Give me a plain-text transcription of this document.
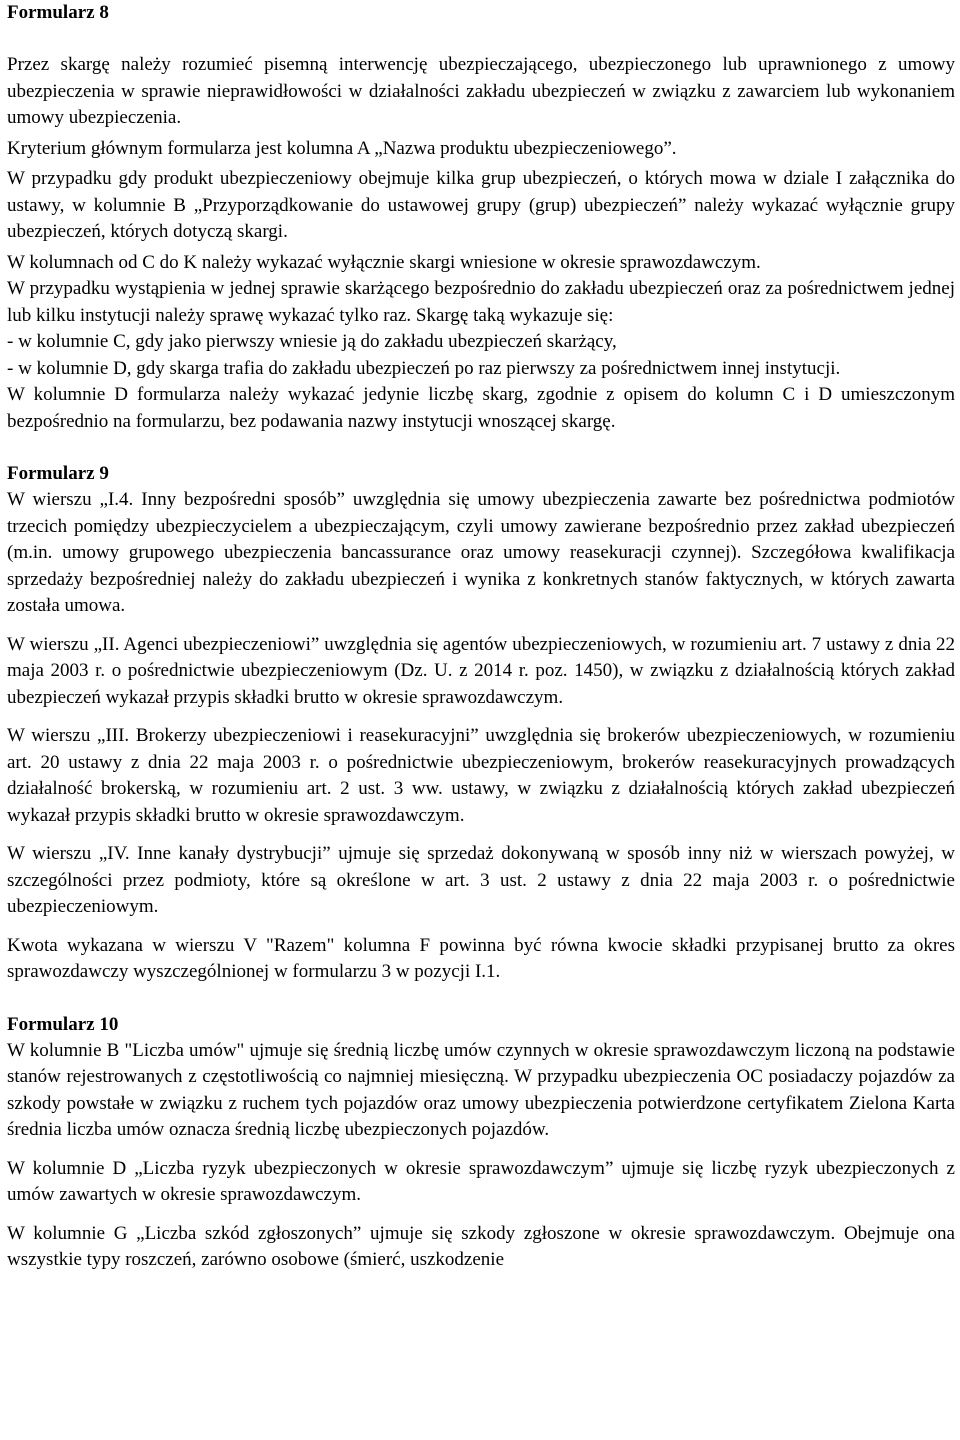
Formularz 8

Przez skargę należy rozumieć pisemną interwencję ubezpieczającego, ubezpieczonego lub uprawnionego z umowy ubezpieczenia w sprawie nieprawidłowości w działalności zakładu ubezpieczeń w związku z zawarciem lub wykonaniem umowy ubezpieczenia.

Kryterium głównym formularza jest kolumna A „Nazwa produktu ubezpieczeniowego”.

W przypadku gdy produkt ubezpieczeniowy obejmuje kilka grup ubezpieczeń, o których mowa w dziale I załącznika do ustawy, w kolumnie B „Przyporządkowanie do ustawowej grupy (grup) ubezpieczeń” należy wykazać wyłącznie grupy ubezpieczeń, których dotyczą skargi.

W kolumnach od C do K należy wykazać wyłącznie skargi wniesione w okresie sprawozdawczym.

W przypadku wystąpienia w jednej sprawie skarżącego bezpośrednio do zakładu ubezpieczeń oraz za pośrednictwem jednej lub kilku instytucji należy sprawę wykazać tylko raz. Skargę taką wykazuje się:

- w kolumnie C, gdy jako pierwszy wniesie ją do zakładu ubezpieczeń skarżący,

- w kolumnie D, gdy skarga trafia do zakładu ubezpieczeń po raz pierwszy za pośrednictwem innej instytucji.

W kolumnie D formularza należy wykazać jedynie liczbę skarg, zgodnie z opisem do kolumn C i D umieszczonym bezpośrednio na formularzu, bez podawania nazwy instytucji wnoszącej skargę.

Formularz 9

W wierszu „I.4. Inny bezpośredni sposób” uwzględnia się umowy ubezpieczenia zawarte bez pośrednictwa podmiotów trzecich pomiędzy ubezpieczycielem a ubezpieczającym, czyli umowy zawierane bezpośrednio przez zakład ubezpieczeń (m.in. umowy grupowego ubezpieczenia bancassurance oraz umowy reasekuracji czynnej). Szczegółowa kwalifikacja sprzedaży bezpośredniej należy do zakładu ubezpieczeń i wynika z konkretnych stanów faktycznych, w których zawarta została umowa.

W wierszu „II. Agenci ubezpieczeniowi” uwzględnia się agentów ubezpieczeniowych, w rozumieniu art. 7 ustawy z dnia 22 maja 2003 r. o pośrednictwie ubezpieczeniowym (Dz. U. z 2014 r. poz. 1450), w związku z działalnością których zakład ubezpieczeń wykazał przypis składki brutto w okresie sprawozdawczym.

W wierszu „III. Brokerzy ubezpieczeniowi i reasekuracyjni” uwzględnia się brokerów ubezpieczeniowych, w rozumieniu art. 20 ustawy z dnia 22 maja 2003 r. o pośrednictwie ubezpieczeniowym, brokerów reasekuracyjnych prowadzących działalność brokerską, w rozumieniu art. 2 ust. 3 ww. ustawy, w związku z działalnością których zakład ubezpieczeń wykazał przypis składki brutto w okresie sprawozdawczym.

W wierszu „IV. Inne kanały dystrybucji” ujmuje się sprzedaż dokonywaną w sposób inny niż w wierszach powyżej, w szczególności przez podmioty, które są określone w art. 3 ust. 2 ustawy z dnia 22 maja 2003 r. o pośrednictwie ubezpieczeniowym.

Kwota wykazana w wierszu V "Razem" kolumna F powinna być równa kwocie składki przypisanej brutto za okres sprawozdawczy wyszczególnionej w formularzu 3 w pozycji I.1.

Formularz 10

W kolumnie B "Liczba umów" ujmuje się średnią liczbę umów czynnych w okresie sprawozdawczym liczoną na podstawie stanów rejestrowanych z częstotliwością co najmniej miesięczną. W przypadku ubezpieczenia OC posiadaczy pojazdów za szkody powstałe w związku z ruchem tych pojazdów oraz umowy ubezpieczenia potwierdzone certyfikatem Zielona Karta średnia liczba umów oznacza średnią liczbę ubezpieczonych pojazdów.

W kolumnie D „Liczba ryzyk ubezpieczonych w okresie sprawozdawczym” ujmuje się liczbę ryzyk ubezpieczonych z umów zawartych w okresie sprawozdawczym.

W kolumnie G „Liczba szkód zgłoszonych” ujmuje się szkody zgłoszone w okresie sprawozdawczym. Obejmuje ona wszystkie typy roszczeń, zarówno osobowe (śmierć, uszkodzenie
